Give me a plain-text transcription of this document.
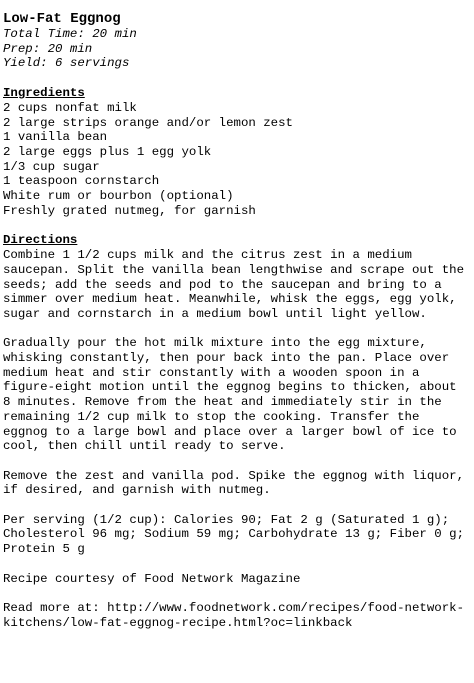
Low-Fat Eggnog
Total Time: 20 min
Prep: 20 min
Yield: 6 servings
Ingredients
2 cups nonfat milk
2 large strips orange and/or lemon zest
1 vanilla bean
2 large eggs plus 1 egg yolk
1/3 cup sugar
1 teaspoon cornstarch
White rum or bourbon (optional)
Freshly grated nutmeg, for garnish
Directions

Combine 1 1/2 cups milk and the citrus zest in a medium saucepan. Split the vanilla bean lengthwise and scrape out the seeds; add the seeds and pod to the saucepan and bring to a simmer over medium heat. Meanwhile, whisk the eggs, egg yolk, sugar and cornstarch in a medium bowl until light yellow.

Gradually pour the hot milk mixture into the egg mixture, whisking constantly, then pour back into the pan. Place over medium heat and stir constantly with a wooden spoon in a figure-eight motion until the eggnog begins to thicken, about 8 minutes. Remove from the heat and immediately stir in the remaining 1/2 cup milk to stop the cooking. Transfer the eggnog to a large bowl and place over a larger bowl of ice to cool, then chill until ready to serve.

Remove the zest and vanilla pod. Spike the eggnog with liquor, if desired, and garnish with nutmeg.

Per serving (1/2 cup): Calories 90; Fat 2 g (Saturated 1 g); Cholesterol 96 mg; Sodium 59 mg; Carbohydrate 13 g; Fiber 0 g; Protein 5 g

Recipe courtesy of Food Network Magazine

Read more at: http://www.foodnetwork.com/recipes/food-network-kitchens/low-fat-eggnog-recipe.html?oc=linkback
